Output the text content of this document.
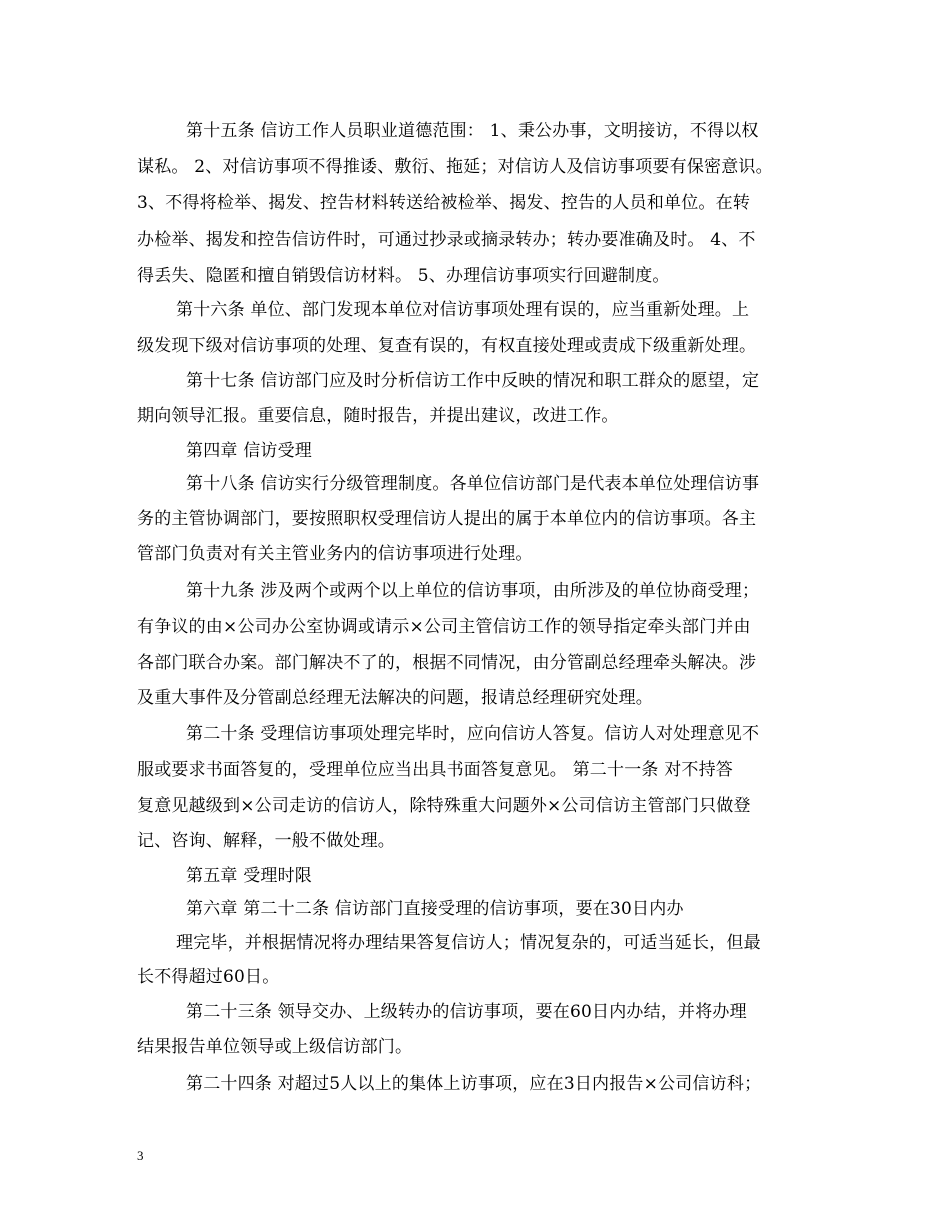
第十五条 信访工作人员职业道德范围： 1、秉公办事，文明接访，不得以权
谋私。 2、对信访事项不得推诿、敷衍、拖延；对信访人及信访事项要有保密意识。
3、不得将检举、揭发、控告材料转送给被检举、揭发、控告的人员和单位。在转
办检举、揭发和控告信访件时，可通过抄录或摘录转办；转办要准确及时。 4、不
得丢失、隐匿和擅自销毁信访材料。 5、办理信访事项实行回避制度。
第十六条 单位、部门发现本单位对信访事项处理有误的，应当重新处理。上
级发现下级对信访事项的处理、复查有误的，有权直接处理或责成下级重新处理。
第十七条 信访部门应及时分析信访工作中反映的情况和职工群众的愿望，定
期向领导汇报。重要信息，随时报告，并提出建议，改进工作。
第四章 信访受理
第十八条 信访实行分级管理制度。各单位信访部门是代表本单位处理信访事
务的主管协调部门，要按照职权受理信访人提出的属于本单位内的信访事项。各主
管部门负责对有关主管业务内的信访事项进行处理。
第十九条 涉及两个或两个以上单位的信访事项，由所涉及的单位协商受理；
有争议的由×公司办公室协调或请示×公司主管信访工作的领导指定牵头部门并由
各部门联合办案。部门解决不了的，根据不同情况，由分管副总经理牵头解决。涉
及重大事件及分管副总经理无法解决的问题，报请总经理研究处理。
第二十条 受理信访事项处理完毕时，应向信访人答复。信访人对处理意见不
服或要求书面答复的，受理单位应当出具书面答复意见。 第二十一条 对不持答
复意见越级到×公司走访的信访人，除特殊重大问题外×公司信访主管部门只做登
记、咨询、解释，一般不做处理。
第五章 受理时限
第六章 第二十二条 信访部门直接受理的信访事项，要在30日内办
理完毕，并根据情况将办理结果答复信访人；情况复杂的，可适当延长，但最
长不得超过60日。
第二十三条 领导交办、上级转办的信访事项，要在60日内办结，并将办理
结果报告单位领导或上级信访部门。
第二十四条 对超过5人以上的集体上访事项，应在3日内报告×公司信访科；
3
